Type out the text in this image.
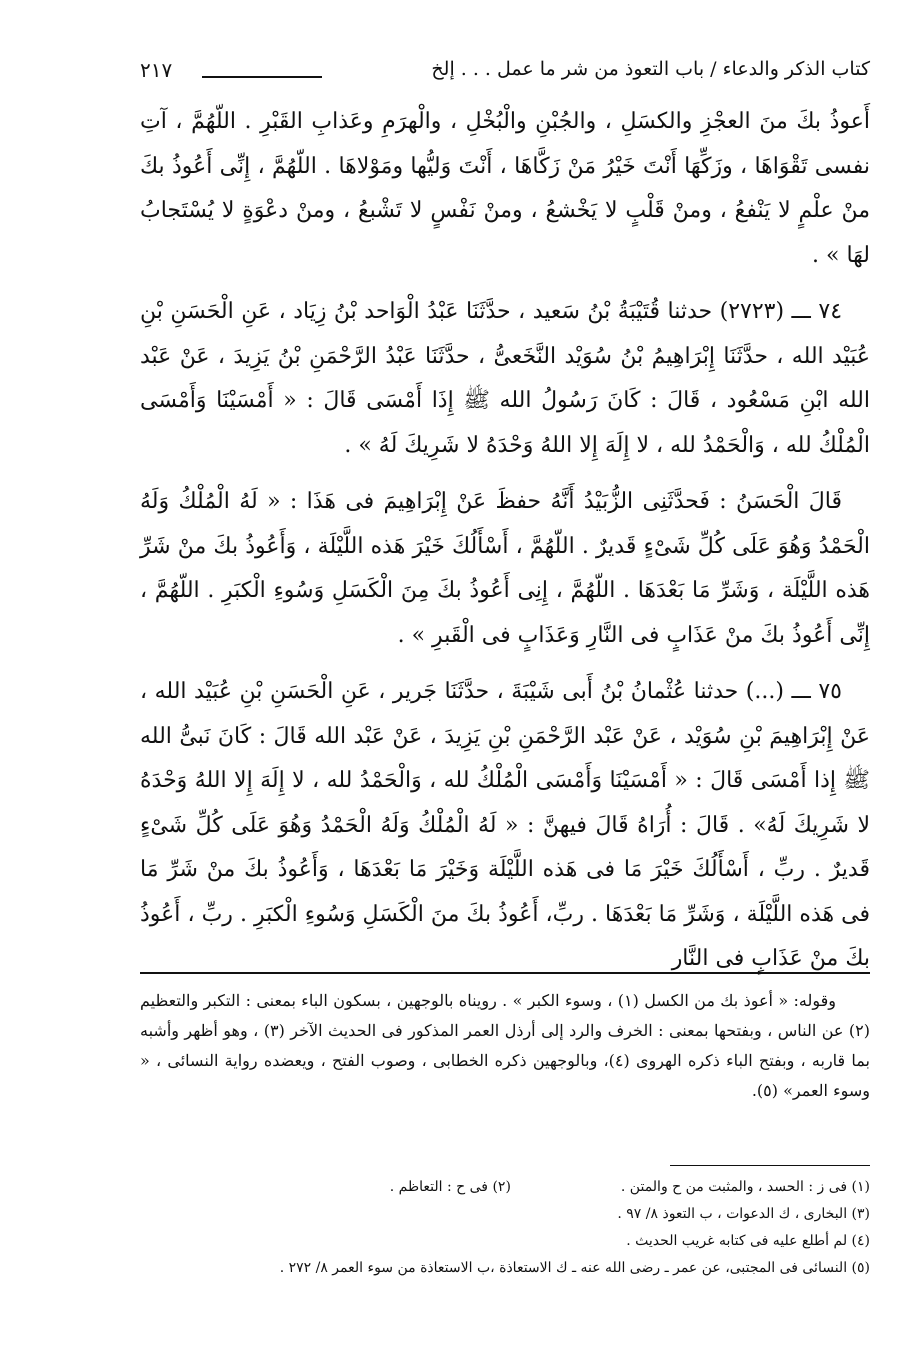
كتاب الذكر والدعاء / باب التعوذ من شر ما عمل . . . إلخ
٢١٧

أَعوذُ بكَ منَ العجْزِ والكسَلِ ، والجُبْنِ والْبُخْلِ ، والْهرَمِ وعَذابِ القَبْرِ . اللّهُمَّ ، آتِ نفسى تَقْوَاهَا ، وزَكِّهَا أَنْتَ خَيْرُ مَنْ زَكَّاهَا ، أَنْتَ وَليُّها ومَوْلاهَا . اللّهُمَّ ، إِنِّى أَعُوذُ بكَ منْ علْمٍ لا يَنْفعُ ، ومنْ قَلْبٍ لا يَخْشعُ ، ومنْ نَفْسٍ لا تَشْبعُ ، ومنْ دعْوَةٍ لا يُسْتَجابُ لهَا » .

٧٤ ـــ (٢٧٢٣) حدثنا قُتَيْبَةُ بْنُ سَعيد ، حدَّثَنَا عَبْدُ الْوَاحد بْنُ زِيَاد ، عَنِ الْحَسَنِ بْنِ عُبَيْد الله ، حدَّثَنَا إِبْرَاهِيمُ بْنُ سُوَيْد النَّخَعىُّ ، حدَّثَنَا عَبْدُ الرَّحْمَنِ بْنُ يَزِيدَ ، عَنْ عَبْد الله ابْنِ مَسْعُود ، قَالَ : كَانَ رَسُولُ الله ﷺ إِذَا أَمْسَى قَالَ : « أَمْسَيْنَا وَأَمْسَى الْمُلْكُ لله ، وَالْحَمْدُ لله ، لا إِلَهَ إِلا اللهُ وَحْدَهُ لا شَرِيكَ لَهُ » .

قَالَ الْحَسَنُ : فَحدَّثَنِى الزُّبَيْدُ أَنَّهُ حفظَ عَنْ إِبْرَاهِيمَ فى هَذَا : « لَهُ الْمُلْكُ وَلَهُ الْحَمْدُ وَهُوَ عَلَى كُلِّ شَىْءٍ قَديرٌ . اللّهُمَّ ، أَسْأَلُكَ خَيْرَ هَذه اللَّيْلَة ، وَأَعُوذُ بكَ منْ شَرِّ هَذه اللَّيْلَة ، وَشَرِّ مَا بَعْدَهَا . اللّهُمَّ ، إِنِى أَعُوذُ بكَ مِنَ الْكَسَلِ وَسُوءِ الْكبَرِ . اللّهُمَّ ، إِنِّى أَعُوذُ بكَ منْ عَذَابٍ فى النَّارِ وَعَذَابٍ فى الْقَبرِ » .

٧٥ ـــ (...) حدثنا عُثْمانُ بْنُ أَبى شَيْبَةَ ، حدَّثَنَا جَرير ، عَنِ الْحَسَنِ بْنِ عُبَيْد الله ، عَنْ إِبْرَاهِيمَ بْنِ سُوَيْد ، عَنْ عَبْد الرَّحْمَنِ بْنِ يَزِيدَ ، عَنْ عَبْد الله قَالَ : كَانَ نَبىُّ الله ﷺ إِذا أَمْسَى قَالَ : « أَمْسَيْنَا وَأَمْسَى الْمُلْكُ لله ، وَالْحَمْدُ لله ، لا إِلَهَ إِلا اللهُ وَحْدَهُ لا شَرِيكَ لَهُ» . قَالَ : أُرَاهُ قَالَ فيهنَّ : « لَهُ الْمُلْكُ وَلَهُ الْحَمْدُ وَهُوَ عَلَى كُلِّ شَىْءٍ قَديرٌ . ربِّ ، أَسْأَلُكَ خَيْرَ مَا فى هَذه اللَّيْلَة وَخَيْرَ مَا بَعْدَهَا ، وَأَعُوذُ بكَ منْ شَرِّ مَا فى هَذه اللَّيْلَة ، وَشَرِّ مَا بَعْدَهَا . ربِّ، أَعُوذُ بكَ منَ الْكَسَلِ وَسُوءِ الْكبَرِ . ربِّ ، أَعُوذُ بكَ منْ عَذَابٍ فى النَّار

وقوله: « أعوذ بك من الكسل (١) ، وسوء الكبر » . رويناه بالوجهين ، بسكون الباء بمعنى : التكبر والتعظيم (٢) عن الناس ، وبفتحها بمعنى : الخرف والرد إلى أرذل العمر المذكور فى الحديث الآخر (٣) ، وهو أظهر وأشبه بما قاربه ، وبفتح الباء ذكره الهروى (٤)، وبالوجهين ذكره الخطابى ، وصوب الفتح ، ويعضده رواية النسائى ، « وسوء العمر» (٥).

(١) فى ز : الحسد ، والمثبت من ح والمتن .
(٢) فى ح : التعاظم .
(٣) البخارى ، ك الدعوات ، ب التعوذ ٨/ ٩٧ .
(٤) لم أطلع عليه فى كتابه غريب الحديث .
(٥) النسائى فى المجتبى، عن عمر ـ رضى الله عنه ـ ك الاستعاذة ،ب الاستعاذة من سوء العمر ٨/ ٢٧٢ .
